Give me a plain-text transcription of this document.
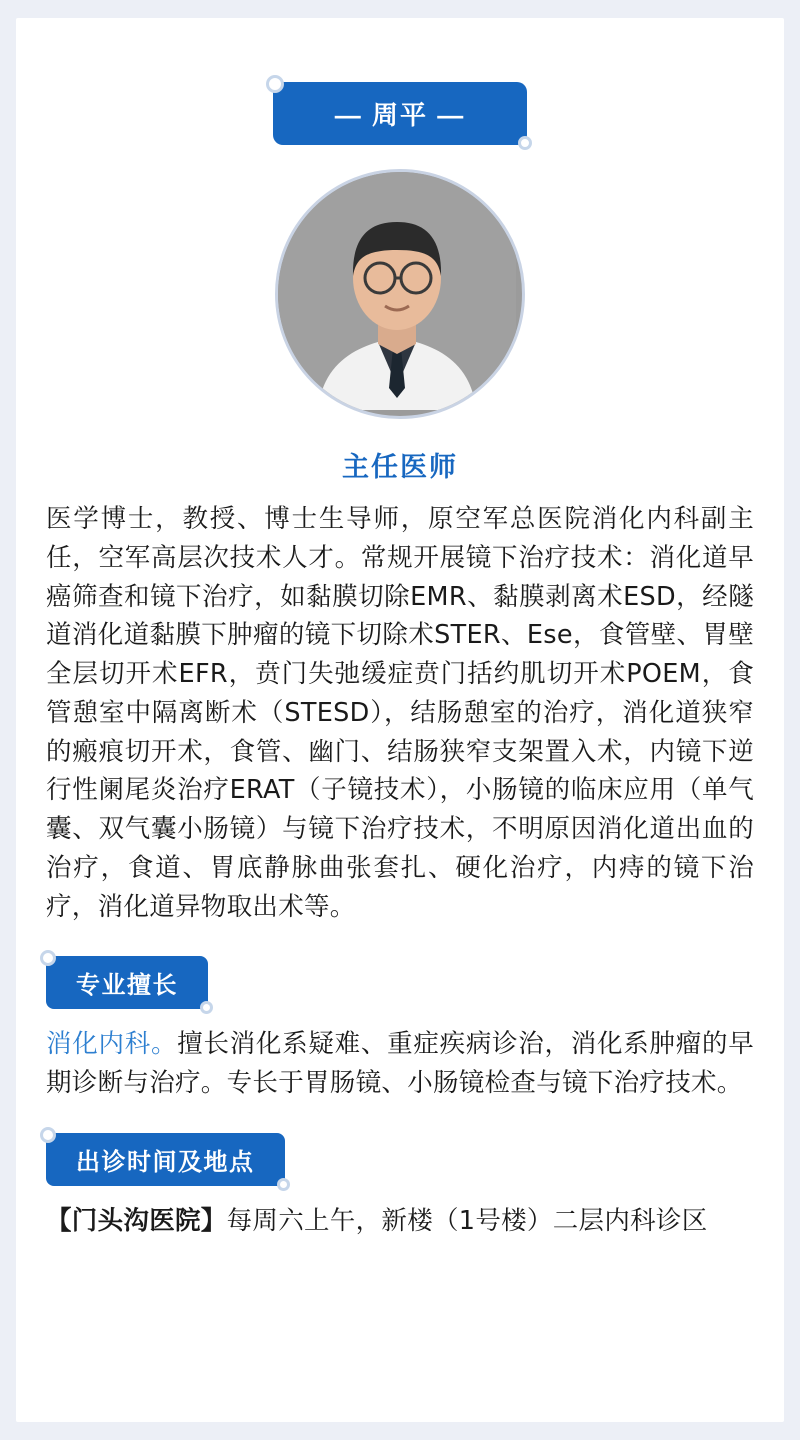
— 周平 —
主任医师
医学博士，教授、博士生导师，原空军总医院消化内科副主任，空军高层次技术人才。常规开展镜下治疗技术：消化道早癌筛查和镜下治疗，如黏膜切除EMR、黏膜剥离术ESD，经隧道消化道黏膜下肿瘤的镜下切除术STER、Ese，食管壁、胃壁全层切开术EFR，贲门失弛缓症贲门括约肌切开术POEM，食管憩室中隔离断术（STESD），结肠憩室的治疗，消化道狭窄的瘢痕切开术，食管、幽门、结肠狭窄支架置入术，内镜下逆行性阑尾炎治疗ERAT（子镜技术），小肠镜的临床应用（单气囊、双气囊小肠镜）与镜下治疗技术，不明原因消化道出血的治疗，食道、胃底静脉曲张套扎、硬化治疗，内痔的镜下治疗，消化道异物取出术等。
专业擅长
消化内科。擅长消化系疑难、重症疾病诊治，消化系肿瘤的早期诊断与治疗。专长于胃肠镜、小肠镜检查与镜下治疗技术。
出诊时间及地点
【门头沟医院】每周六上午，新楼（1号楼）二层内科诊区
